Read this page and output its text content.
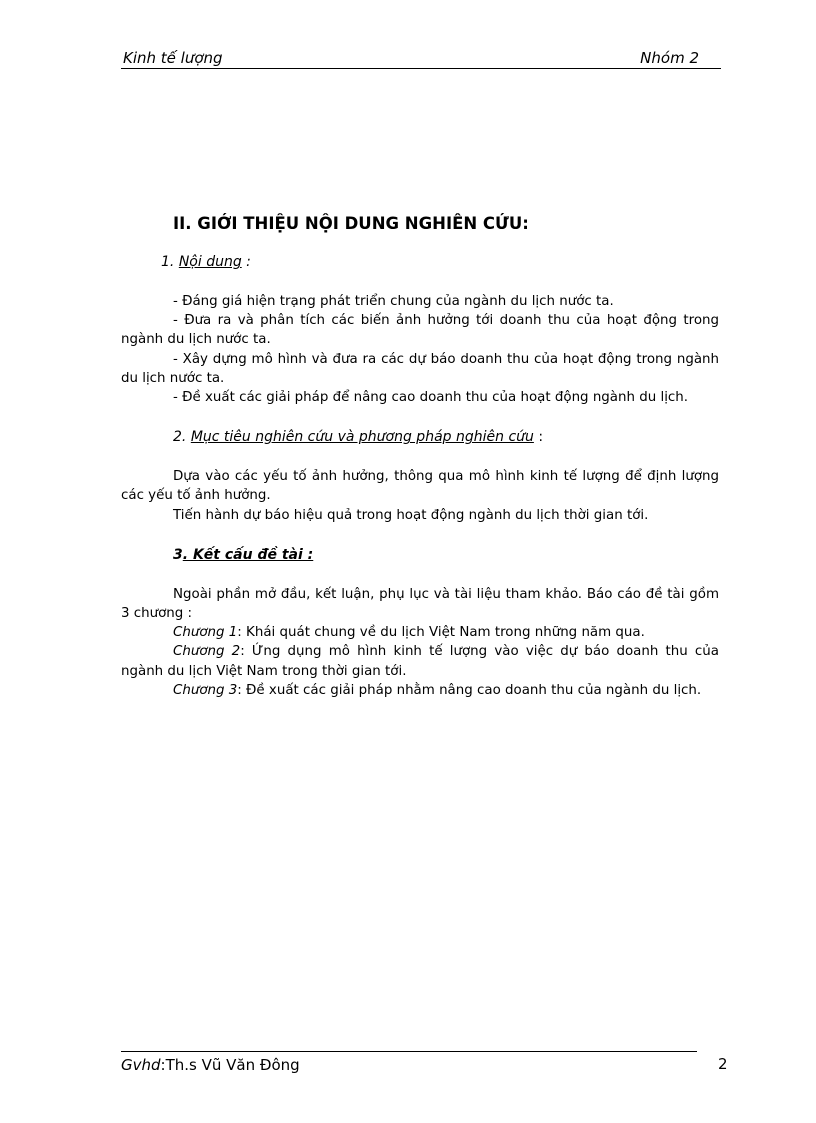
Kinh tế lượng	Nhóm 2
II. GIỚI THIỆU NỘI DUNG NGHIÊN CỨU:
1. Nội dung :

- Đáng giá hiện trạng phát triển chung của ngành du lịch nước ta.

- Đưa ra và phân tích các biến ảnh hưởng tới doanh thu của hoạt động trong ngành du lịch nước ta.

- Xây dựng mô hình và đưa ra các dự báo doanh thu của hoạt động trong ngành du lịch nước ta.

- Đề xuất các giải pháp để nâng cao doanh thu của hoạt động ngành du lịch.

2. Mục tiêu nghiên cứu và phương pháp nghiên cứu :

Dựa vào các yếu tố ảnh hưởng, thông qua mô hình kinh tế lượng để định lượng các yếu tố ảnh hưởng.

Tiến hành dự báo hiệu quả trong hoạt động ngành du lịch thời gian tới.

3. Kết cấu đề tài :

Ngoài phần mở đầu, kết luận, phụ lục và tài liệu tham khảo. Báo cáo đề tài gồm 3 chương :

Chương 1: Khái quát chung về du lịch Việt Nam trong những năm qua.

Chương 2: Ứng dụng mô hình kinh tế lượng vào việc dự báo doanh thu của ngành du lịch Việt Nam trong thời gian tới.

Chương 3: Đề xuất các giải pháp nhằm nâng cao doanh thu của ngành du lịch.

Gvhd:Th.s Vũ Văn Đông	2
